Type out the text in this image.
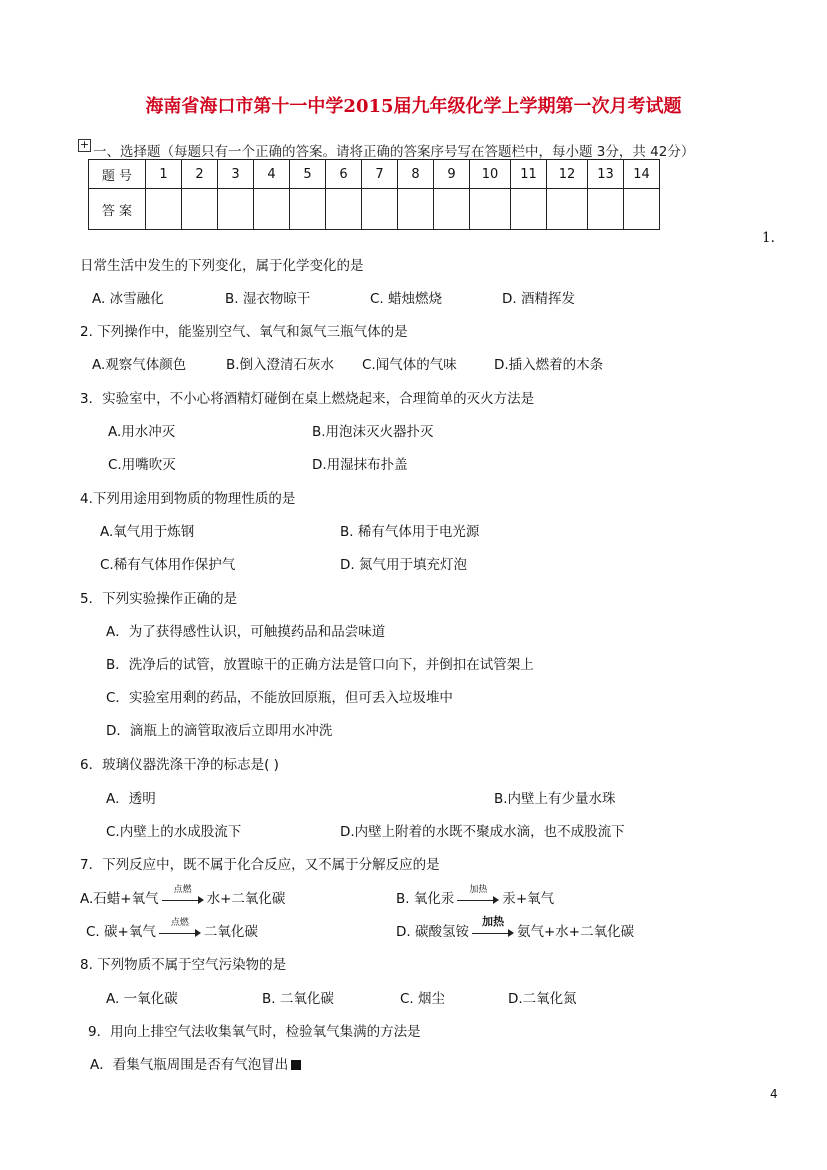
海南省海口市第十一中学2015届九年级化学上学期第一次月考试题
+ 一、选择题（每题只有一个正确的答案。请将正确的答案序号写在答题栏中，每小题 3分，共 42分）
题 号	1	2	3	4	5	6	7	8	9	10	11	12	13	14
答 案														
1.
日常生活中发生的下列变化，属于化学变化的是
A. 冰雪融化	B. 湿衣物晾干	C. 蜡烛燃烧	D. 酒精挥发
2. 下列操作中，能鉴别空气、氧气和氮气三瓶气体的是
A.观察气体颜色	B.倒入澄清石灰水 C.闻气体的气味	D.插入燃着的木条
3．实验室中，不小心将酒精灯碰倒在桌上燃烧起来，合理简单的灭火方法是
A.用水冲灭	B.用泡沫灭火器扑灭
C.用嘴吹灭	D.用湿抹布扑盖
4.下列用途用到物质的物理性质的是
A.氧气用于炼钢	B. 稀有气体用于电光源
C.稀有气体用作保护气	D. 氮气用于填充灯泡
5．下列实验操作正确的是
A．为了获得感性认识，可触摸药品和品尝味道
B．洗净后的试管，放置晾干的正确方法是管口向下，并倒扣在试管架上
C．实验室用剩的药品，不能放回原瓶，但可丢入垃圾堆中
D．滴瓶上的滴管取液后立即用水冲洗
6．玻璃仪器洗涤干净的标志是( )
A．透明	B.内壁上有少量水珠
C.内壁上的水成股流下	D.内壁上附着的水既不聚成水滴，也不成股流下
7．下列反应中，既不属于化合反应，又不属于分解反应的是
A.石蜡+氧气
点燃
水+二氧化碳	B. 氧化汞
加热
汞+氧气
C. 碳+氧气
点燃
二氧化碳	D. 碳酸氢铵
加热
氨气+水+二氧化碳
8. 下列物质不属于空气污染物的是
A. 一氧化碳	B. 二氧化碳	C. 烟尘	D.二氧化氮
9．用向上排空气法收集氧气时，检验氧气集满的方法是
A．看集气瓶周围是否有气泡冒出
4
